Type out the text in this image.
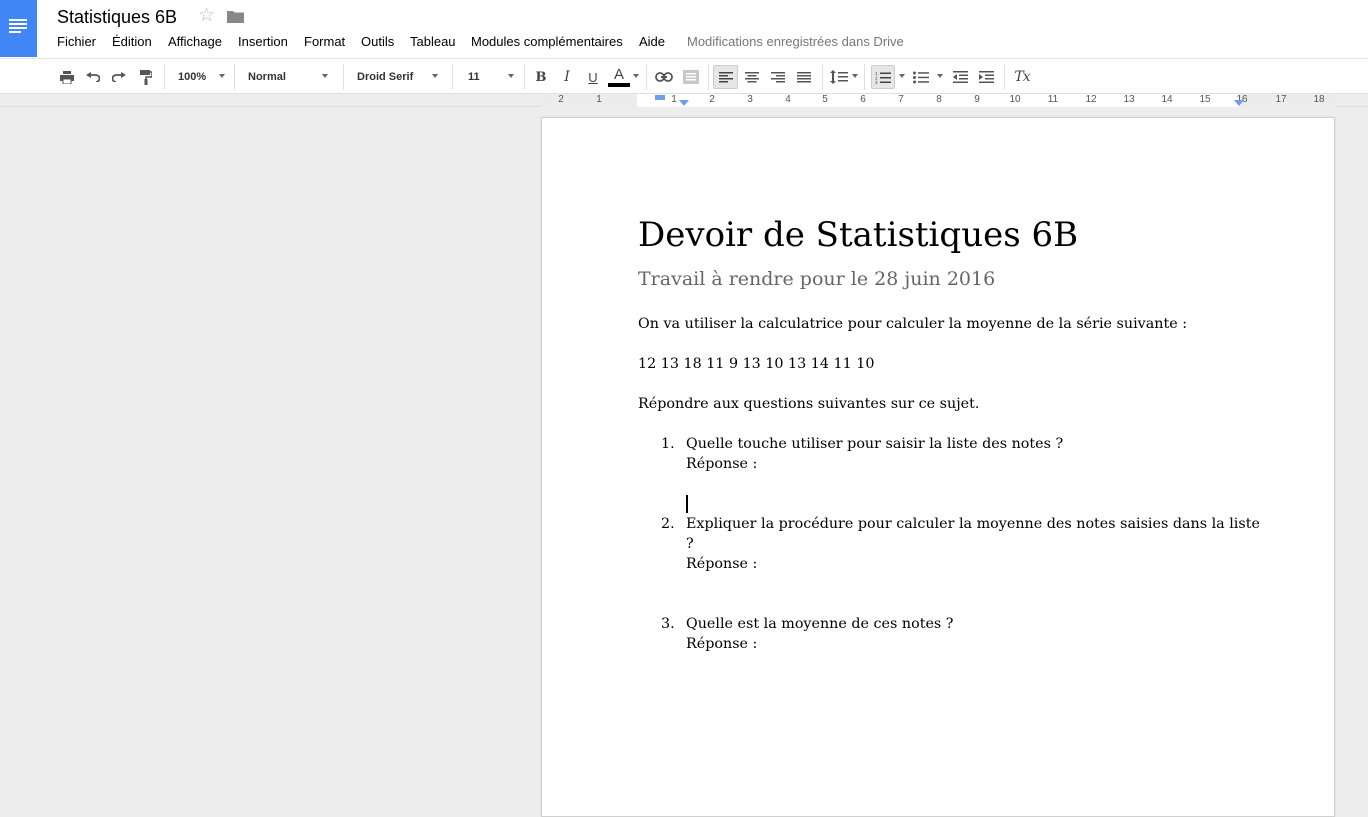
Statistiques 6B ☆
Fichier Édition Affichage Insertion Format Outils Tableau Modules complémentaires Aide Modifications enregistrées dans Drive
100%	Normal	Droid Serif	11	B	I	U	A	1
2
3	Tx
2	1	1	2	3	4	5	6	7	8	9	10	11	12	13	14	15	16	17	18
Devoir de Statistiques 6B
Travail à rendre pour le 28 juin 2016
On va utiliser la calculatrice pour calculer la moyenne de la série suivante :
12 13 18 11 9 13 10 13 14 11 10
Répondre aux questions suivantes sur ce sujet.
1. Quelle touche utiliser pour saisir la liste des notes ?
Réponse :
2. Expliquer la procédure pour calculer la moyenne des notes saisies dans la liste
?
Réponse :
3. Quelle est la moyenne de ces notes ?
Réponse :
